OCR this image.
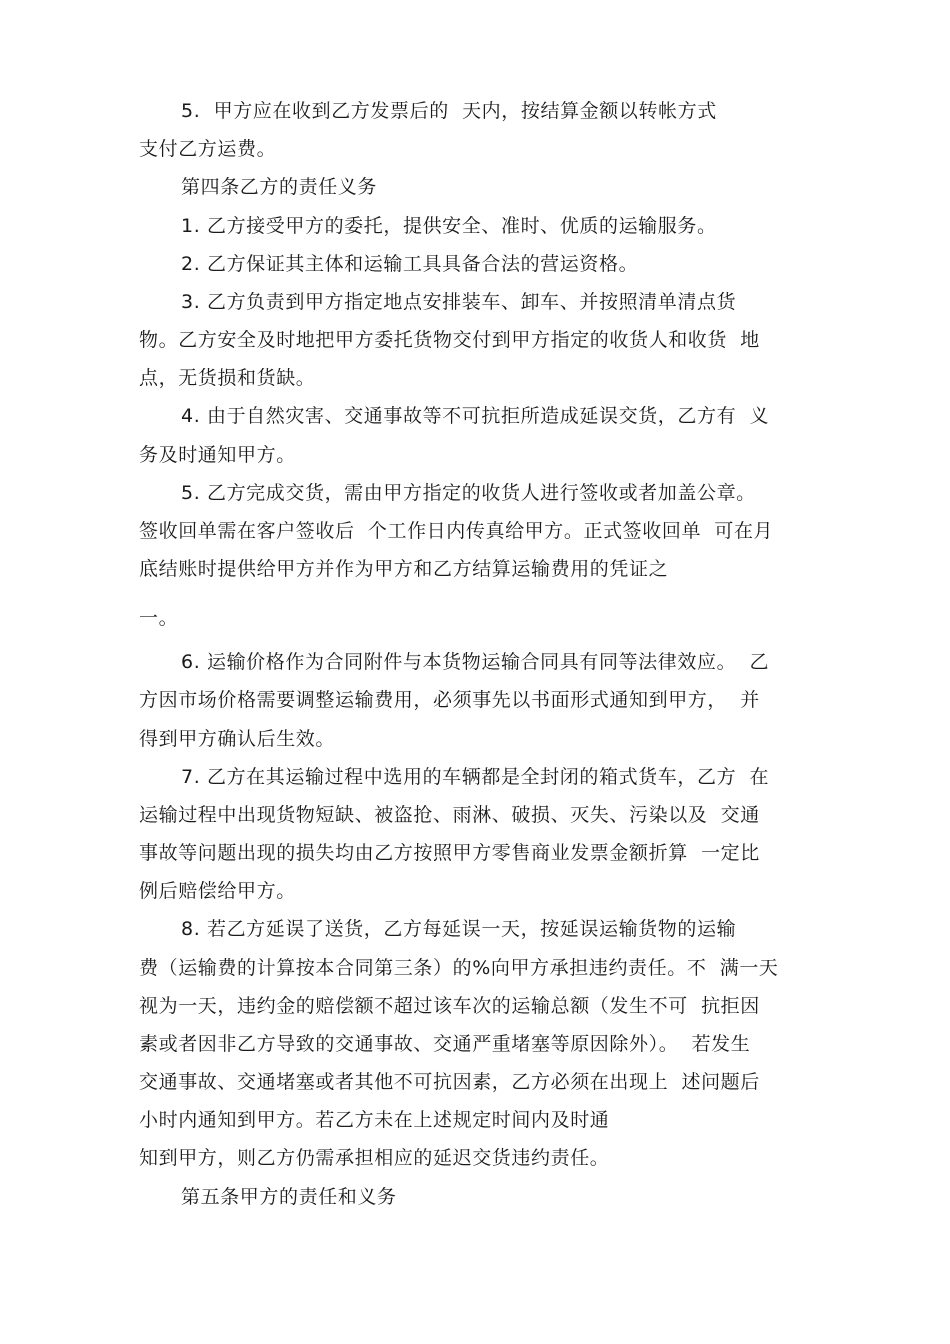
5.  甲方应在收到乙方发票后的  天内，按结算金额以转帐方式
支付乙方运费。
第四条乙方的责任义务
1. 乙方接受甲方的委托，提供安全、准时、优质的运输服务。
2. 乙方保证其主体和运输工具具备合法的营运资格。
3. 乙方负责到甲方指定地点安排装车、卸车、并按照清单清点货
物。乙方安全及时地把甲方委托货物交付到甲方指定的收货人和收货  地
点，无货损和货缺。
4. 由于自然灾害、交通事故等不可抗拒所造成延误交货，乙方有  义
务及时通知甲方。
5. 乙方完成交货，需由甲方指定的收货人进行签收或者加盖公章。
签收回单需在客户签收后  个工作日内传真给甲方。正式签收回单  可在月
底结账时提供给甲方并作为甲方和乙方结算运输费用的凭证之
一。
6. 运输价格作为合同附件与本货物运输合同具有同等法律效应。  乙
方因市场价格需要调整运输费用，必须事先以书面形式通知到甲方，  并
得到甲方确认后生效。
7. 乙方在其运输过程中选用的车辆都是全封闭的箱式货车，乙方  在
运输过程中出现货物短缺、被盗抢、雨淋、破损、灭失、污染以及  交通
事故等问题出现的损失均由乙方按照甲方零售商业发票金额折算  一定比
例后赔偿给甲方。
8. 若乙方延误了送货，乙方每延误一天，按延误运输货物的运输
费（运输费的计算按本合同第三条）的%向甲方承担违约责任。不  满一天
视为一天，违约金的赔偿额不超过该车次的运输总额（发生不可  抗拒因
素或者因非乙方导致的交通事故、交通严重堵塞等原因除外）。  若发生
交通事故、交通堵塞或者其他不可抗因素，乙方必须在出现上  述问题后
小时内通知到甲方。若乙方未在上述规定时间内及时通
知到甲方，则乙方仍需承担相应的延迟交货违约责任。
第五条甲方的责任和义务
